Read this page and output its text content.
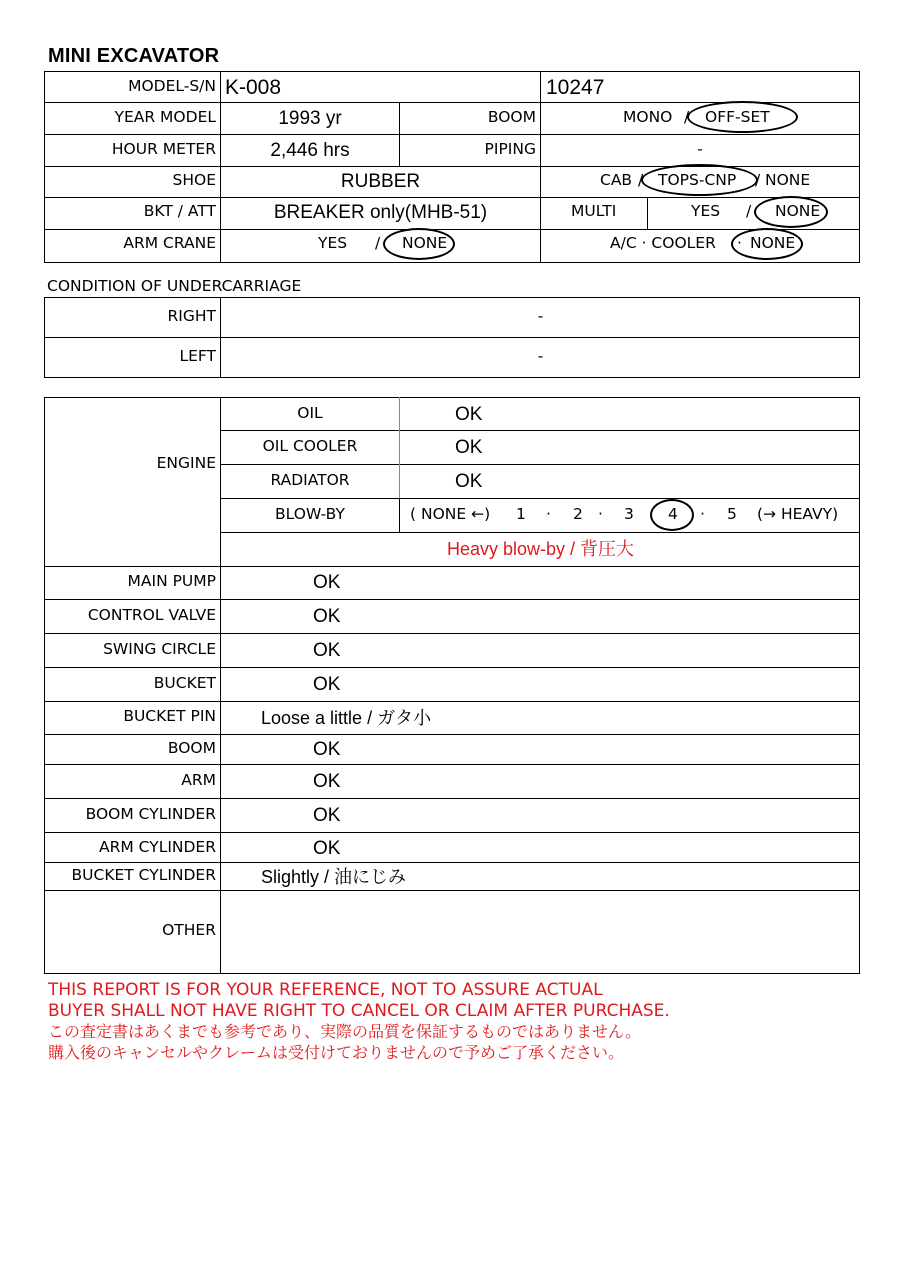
MINI EXCAVATOR
MODEL-S/N K-008	10247
YEAR MODEL	1993 yr	BOOM	MONO / OFF-SET
HOUR METER	2,446 hrs	PIPING	-
SHOE	RUBBER	CAB / TOPS-CNP / NONE
BKT / ATT	BREAKER only(MHB-51)	MULTI	YES / NONE
ARM CRANE	YES / NONE	A/C · COOLER · NONE
CONDITION OF UNDERCARRIAGE
RIGHT	-
LEFT	-
ENGINE
OIL	OK
OIL COOLER	OK
RADIATOR	OK
BLOW-BY	( NONE ←) 1 · 2 · 3 4 · 5 (→ HEAVY)
Heavy blow-by / 背圧大
MAIN PUMP	OK
CONTROL VALVE	OK
SWING CIRCLE	OK
BUCKET	OK
BUCKET PIN	Loose a little / ガタ小
BOOM	OK
ARM	OK
BOOM CYLINDER	OK
ARM CYLINDER	OK
BUCKET CYLINDER	Slightly / 油にじみ
OTHER
THIS REPORT IS FOR YOUR REFERENCE, NOT TO ASSURE ACTUAL
BUYER SHALL NOT HAVE RIGHT TO CANCEL OR CLAIM AFTER PURCHASE.
この査定書はあくまでも参考であり、実際の品質を保証するものではありません。
購入後のキャンセルやクレームは受付けておりませんので予めご了承ください。
